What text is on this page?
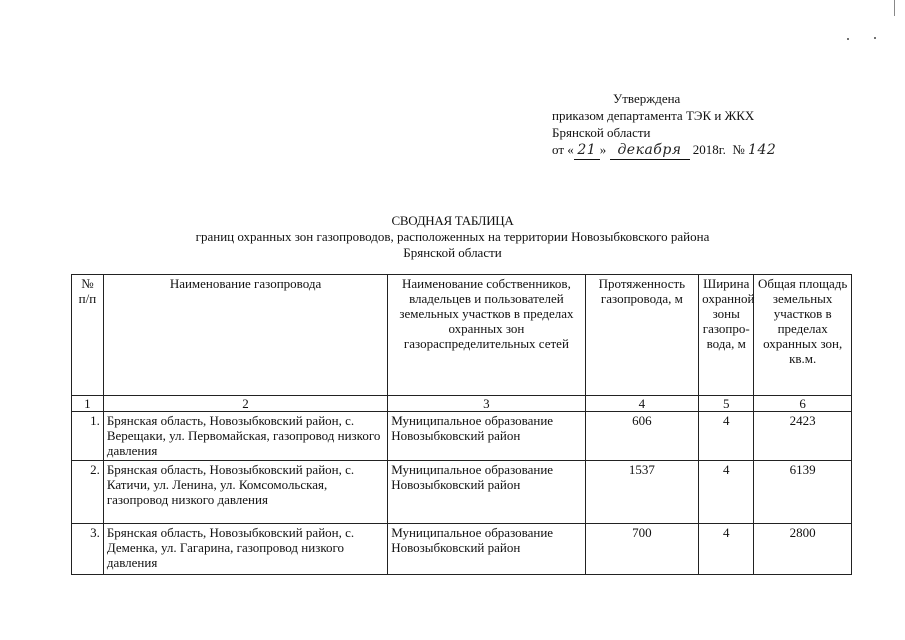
Утверждена
приказом департамента ТЭК и ЖКХ
Брянской области
от « 21 » декабря 2018г. № 142
СВОДНАЯ ТАБЛИЦА
границ охранных зон газопроводов, расположенных на территории Новозыбковского района
Брянской области
№ п/п	Наименование газопровода	Наименование собственников, владельцев и пользователей земельных участков в пределах охранных зон газораспределительных сетей	Протяженность газопровода, м	Ширина охранной зоны газопро-вода, м	Общая площадь земельных участков в пределах охранных зон, кв.м.
1	2	3	4	5	6
1.	Брянская область, Новозыбковский район, с. Верещаки, ул. Первомайская, газопровод низкого давления	Муниципальное образование Новозыбковский район	606	4	2423
2.	Брянская область, Новозыбковский район, с. Катичи, ул. Ленина, ул. Комсомольская, газопровод низкого давления	Муниципальное образование Новозыбковский район	1537	4	6139
3.	Брянская область, Новозыбковский район, с. Деменка, ул. Гагарина, газопровод низкого давления	Муниципальное образование Новозыбковский район	700	4	2800
